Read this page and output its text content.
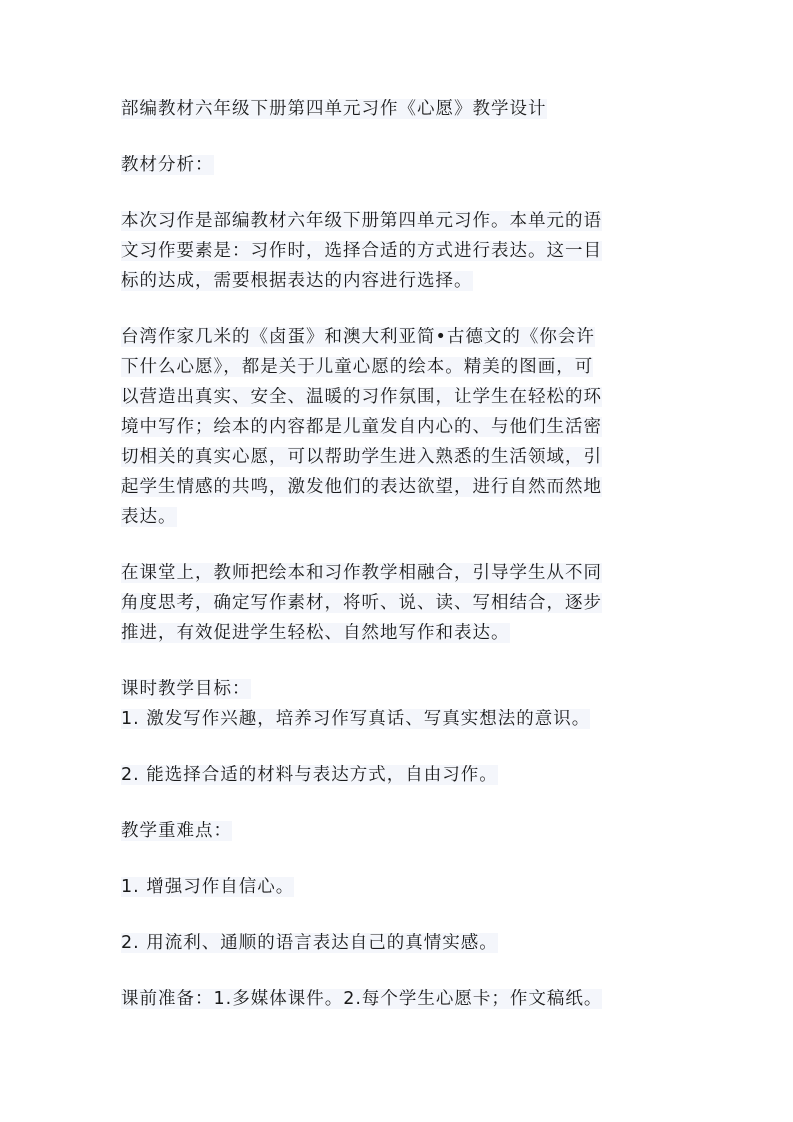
部编教材六年级下册第四单元习作《心愿》教学设计
教材分析：
本次习作是部编教材六年级下册第四单元习作。本单元的语
文习作要素是：习作时，选择合适的方式进行表达。这一目
标的达成，需要根据表达的内容进行选择。
台湾作家几米的《卤蛋》和澳大利亚简•古德文的《你会许
下什么心愿》，都是关于儿童心愿的绘本。精美的图画，可
以营造出真实、安全、温暖的习作氛围，让学生在轻松的环
境中写作；绘本的内容都是儿童发自内心的、与他们生活密
切相关的真实心愿，可以帮助学生进入熟悉的生活领域，引
起学生情感的共鸣，激发他们的表达欲望，进行自然而然地
表达。
在课堂上，教师把绘本和习作教学相融合，引导学生从不同
角度思考，确定写作素材，将听、说、读、写相结合，逐步
推进，有效促进学生轻松、自然地写作和表达。
课时教学目标：
1. 激发写作兴趣，培养习作写真话、写真实想法的意识。
2. 能选择合适的材料与表达方式，自由习作。
教学重难点：
1. 增强习作自信心。
2. 用流利、通顺的语言表达自己的真情实感。
课前准备：1.多媒体课件。2.每个学生心愿卡；作文稿纸。
